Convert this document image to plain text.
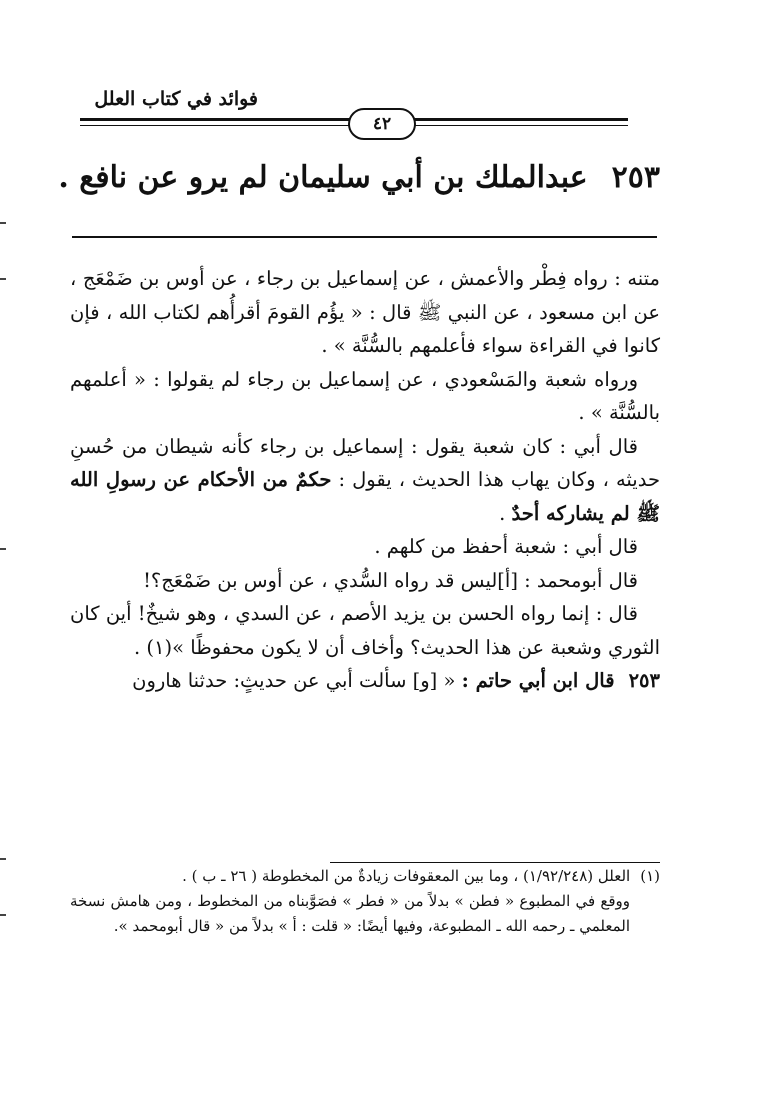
فوائد في كتاب العلل
٤٢
٢٥٣عبدالملك بن أبي سليمان لم يرو عن نافع .

متنه : رواه فِطْر والأعمش ، عن إسماعيل بن رجاء ، عن أوس بن ضَمْعَج ، عن ابن مسعود ، عن النبي ﷺ قال : « يؤُم القومَ أقرأُهم لكتاب الله ، فإن كانوا في القراءة سواء فأعلمهم بالسُّنَّة » .

ورواه شعبة والمَسْعودي ، عن إسماعيل بن رجاء لم يقولوا : « أعلمهم بالسُّنَّة » .

قال أبي : كان شعبة يقول : إسماعيل بن رجاء كأنه شيطان من حُسنِ حديثه ، وكان يهاب هذا الحديث ، يقول : حكمٌ من الأحكام عن رسولِ الله ﷺ لم يشاركه أحدٌ .

قال أبي : شعبة أحفظ من كلهم .

قال أبومحمد : [أ]ليس قد رواه السُّدي ، عن أوس بن ضَمْعَج؟!

قال : إنما رواه الحسن بن يزيد الأصم ، عن السدي ، وهو شيخٌ! أين كان الثوري وشعبة عن هذا الحديث؟ وأخاف أن لا يكون محفوظًا »(١) .

٢٥٣قال ابن أبي حاتم : « [و] سألت أبي عن حديثٍ: حدثنا هارون

(١)العلل (١/٩٢/٢٤٨) ، وما بين المعقوفات زيادةٌ من المخطوطة ( ٢٦ ـ ب ) .

ووقع في المطبوع « فطن » بدلاً من « فطر » فصَوَّبناه من المخطوط ، ومن هامش نسخة المعلمي ـ رحمه الله ـ المطبوعة، وفيها أيضًا: « قلت : أ » بدلاً من « قال أبومحمد ».
